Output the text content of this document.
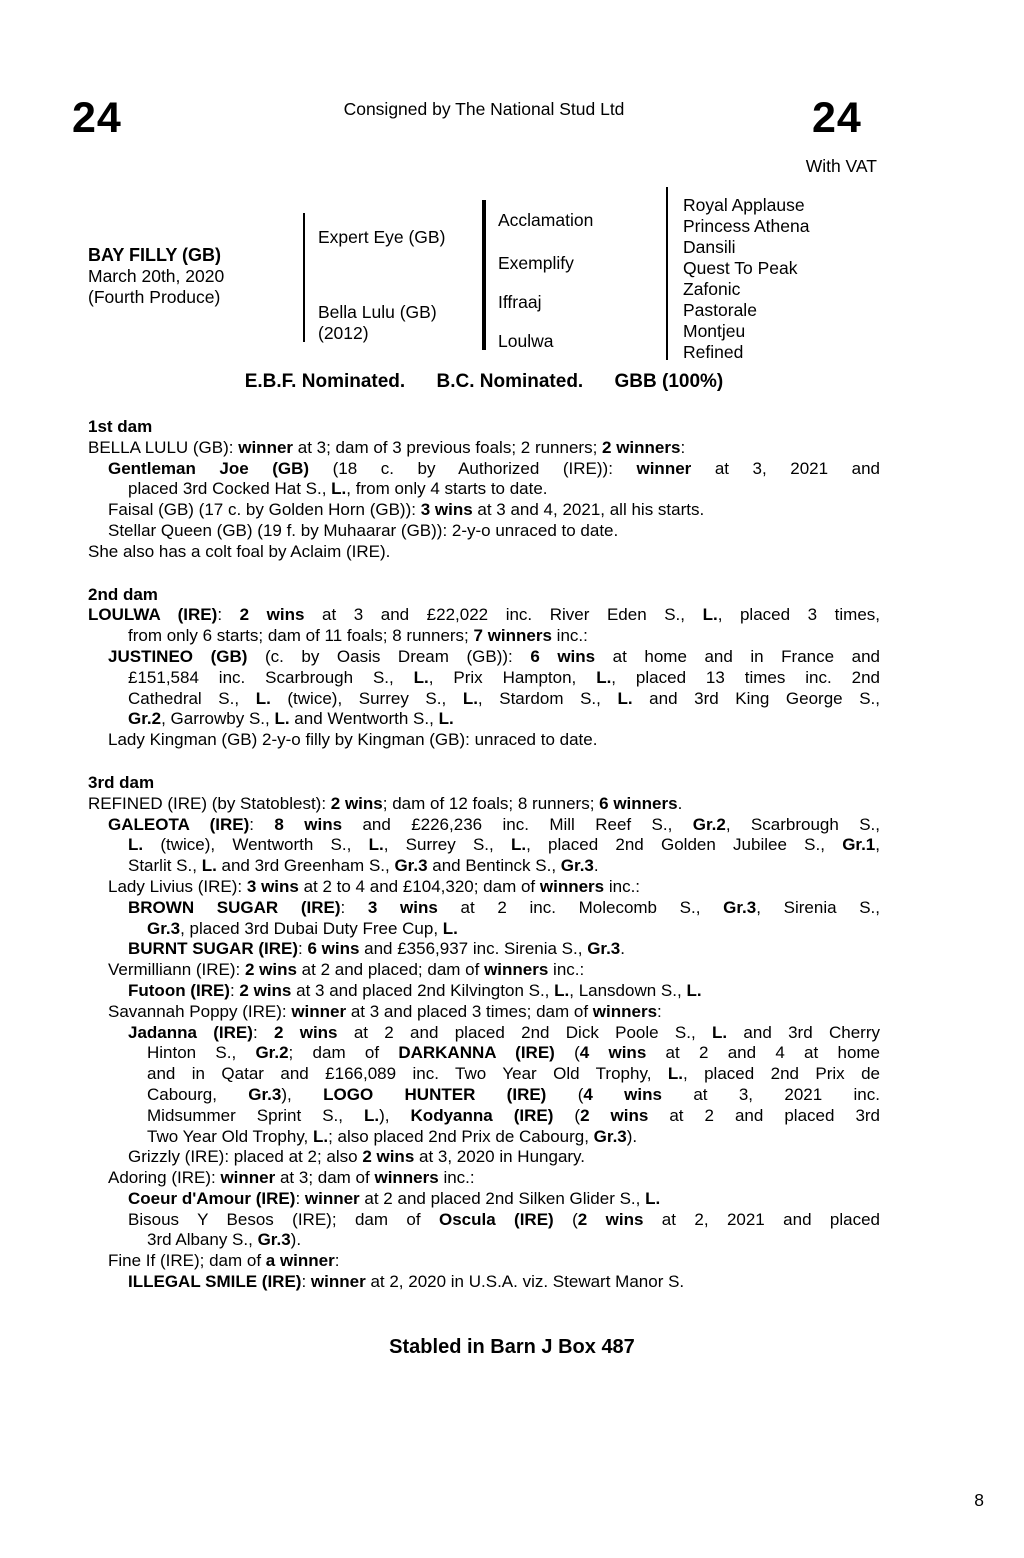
24	Consigned by The National Stud Ltd	24
With VAT
BAY FILLY (GB)
March 20th, 2020
(Fourth Produce)
Expert Eye (GB)
Bella Lulu (GB)
(2012)
Acclamation
Exemplify
Iffraaj
Loulwa
Royal Applause
Princess Athena
Dansili
Quest To Peak
Zafonic
Pastorale
Montjeu
Refined
E.B.F. Nominated. B.C. Nominated. GBB (100%)
1st dam
BELLA LULU (GB): winner at 3; dam of 3 previous foals; 2 runners; 2 winners:
Gentleman Joe (GB) (18 c. by Authorized (IRE)): winner at 3, 2021 and
placed 3rd Cocked Hat S., L., from only 4 starts to date.
Faisal (GB) (17 c. by Golden Horn (GB)): 3 wins at 3 and 4, 2021, all his starts.
Stellar Queen (GB) (19 f. by Muhaarar (GB)): 2-y-o unraced to date.
She also has a colt foal by Aclaim (IRE).
2nd dam
LOULWA (IRE): 2 wins at 3 and £22,022 inc. River Eden S., L., placed 3 times,
from only 6 starts; dam of 11 foals; 8 runners; 7 winners inc.:
JUSTINEO (GB) (c. by Oasis Dream (GB)): 6 wins at home and in France and
£151,584 inc. Scarbrough S., L., Prix Hampton, L., placed 13 times inc. 2nd
Cathedral S., L. (twice), Surrey S., L., Stardom S., L. and 3rd King George S.,
Gr.2, Garrowby S., L. and Wentworth S., L.
Lady Kingman (GB) 2-y-o filly by Kingman (GB): unraced to date.
3rd dam
REFINED (IRE) (by Statoblest): 2 wins; dam of 12 foals; 8 runners; 6 winners.
GALEOTA (IRE): 8 wins and £226,236 inc. Mill Reef S., Gr.2, Scarbrough S.,
L. (twice), Wentworth S., L., Surrey S., L., placed 2nd Golden Jubilee S., Gr.1,
Starlit S., L. and 3rd Greenham S., Gr.3 and Bentinck S., Gr.3.
Lady Livius (IRE): 3 wins at 2 to 4 and £104,320; dam of winners inc.:
BROWN SUGAR (IRE): 3 wins at 2 inc. Molecomb S., Gr.3, Sirenia S.,
Gr.3, placed 3rd Dubai Duty Free Cup, L.
BURNT SUGAR (IRE): 6 wins and £356,937 inc. Sirenia S., Gr.3.
Vermilliann (IRE): 2 wins at 2 and placed; dam of winners inc.:
Futoon (IRE): 2 wins at 3 and placed 2nd Kilvington S., L., Lansdown S., L.
Savannah Poppy (IRE): winner at 3 and placed 3 times; dam of winners:
Jadanna (IRE): 2 wins at 2 and placed 2nd Dick Poole S., L. and 3rd Cherry
Hinton S., Gr.2; dam of DARKANNA (IRE) (4 wins at 2 and 4 at home
and in Qatar and £166,089 inc. Two Year Old Trophy, L., placed 2nd Prix de
Cabourg, Gr.3), LOGO HUNTER (IRE) (4 wins at 3, 2021 inc.
Midsummer Sprint S., L.), Kodyanna (IRE) (2 wins at 2 and placed 3rd
Two Year Old Trophy, L.; also placed 2nd Prix de Cabourg, Gr.3).
Grizzly (IRE): placed at 2; also 2 wins at 3, 2020 in Hungary.
Adoring (IRE): winner at 3; dam of winners inc.:
Coeur d'Amour (IRE): winner at 2 and placed 2nd Silken Glider S., L.
Bisous Y Besos (IRE); dam of Oscula (IRE) (2 wins at 2, 2021 and placed
3rd Albany S., Gr.3).
Fine If (IRE); dam of a winner:
ILLEGAL SMILE (IRE): winner at 2, 2020 in U.S.A. viz. Stewart Manor S.
Stabled in Barn J Box 487
8
